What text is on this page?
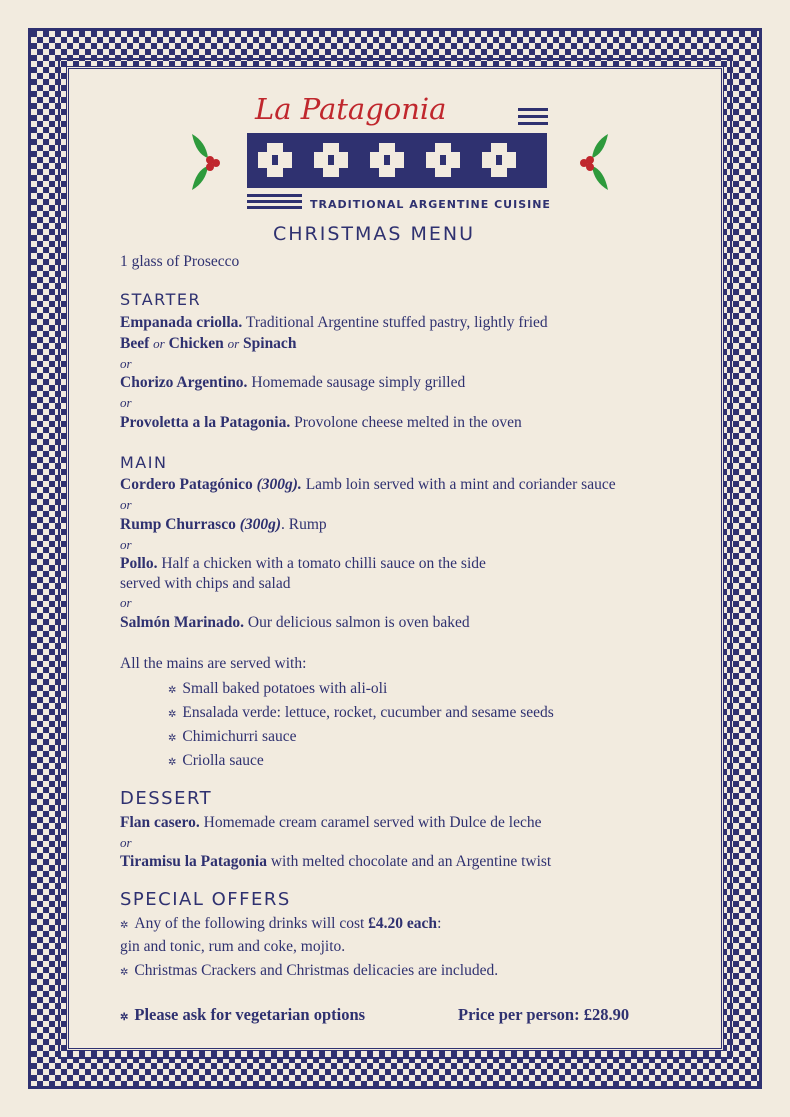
La Patagonia
TRADITIONAL ARGENTINE CUISINE
CHRISTMAS MENU
1 glass of Prosecco
STARTER
Empanada criolla. Traditional Argentine stuffed pastry, lightly fried
Beef or Chicken or Spinach
or
Chorizo Argentino. Homemade sausage simply grilled
or
Provoletta a la Patagonia. Provolone cheese melted in the oven
MAIN
Cordero Patagónico (300g). Lamb loin served with a mint and coriander sauce
or
Rump Churrasco (300g). Rump
or
Pollo. Half a chicken with a tomato chilli sauce on the side
served with chips and salad
or
Salmón Marinado. Our delicious salmon is oven baked
All the mains are served with:
✲ Small baked potatoes with ali-oli
✲ Ensalada verde: lettuce, rocket, cucumber and sesame seeds
✲ Chimichurri sauce
✲ Criolla sauce
DESSERT
Flan casero. Homemade cream caramel served with Dulce de leche
or
Tiramisu la Patagonia with melted chocolate and an Argentine twist
SPECIAL OFFERS
✲ Any of the following drinks will cost £4.20 each:
gin and tonic, rum and coke, mojito.
✲ Christmas Crackers and Christmas delicacies are included.
✲ Please ask for vegetarian options	Price per person: £28.90
